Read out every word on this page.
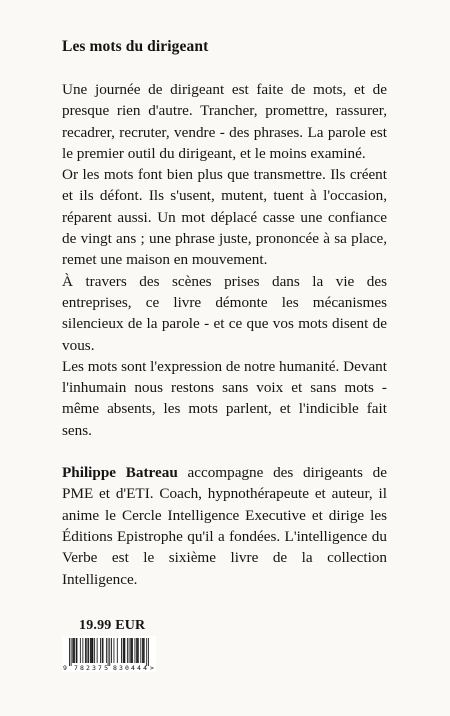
Les mots du dirigeant

Une journée de dirigeant est faite de mots, et de presque rien d'autre. Trancher, promettre, rassurer, recadrer, recruter, vendre - des phrases. La parole est le premier outil du dirigeant, et le moins examiné.

Or les mots font bien plus que transmettre. Ils créent et ils défont. Ils s'usent, mutent, tuent à l'occasion, réparent aussi. Un mot déplacé casse une confiance de vingt ans ; une phrase juste, prononcée à sa place, remet une maison en mouvement.

À travers des scènes prises dans la vie des entreprises, ce livre démonte les mécanismes silencieux de la parole - et ce que vos mots disent de vous.

Les mots sont l'expression de notre humanité. Devant l'inhumain nous restons sans voix et sans mots - même absents, les mots parlent, et l'indicible fait sens.

Philippe Batreau accompagne des dirigeants de PME et d'ETI. Coach, hypnothérapeute et auteur, il anime le Cercle Intelligence Executive et dirige les Éditions Epistrophe qu'il a fondées. L'intelligence du Verbe est le sixième livre de la collection Intelligence.

19.99 EUR
9 782375 830444 >
